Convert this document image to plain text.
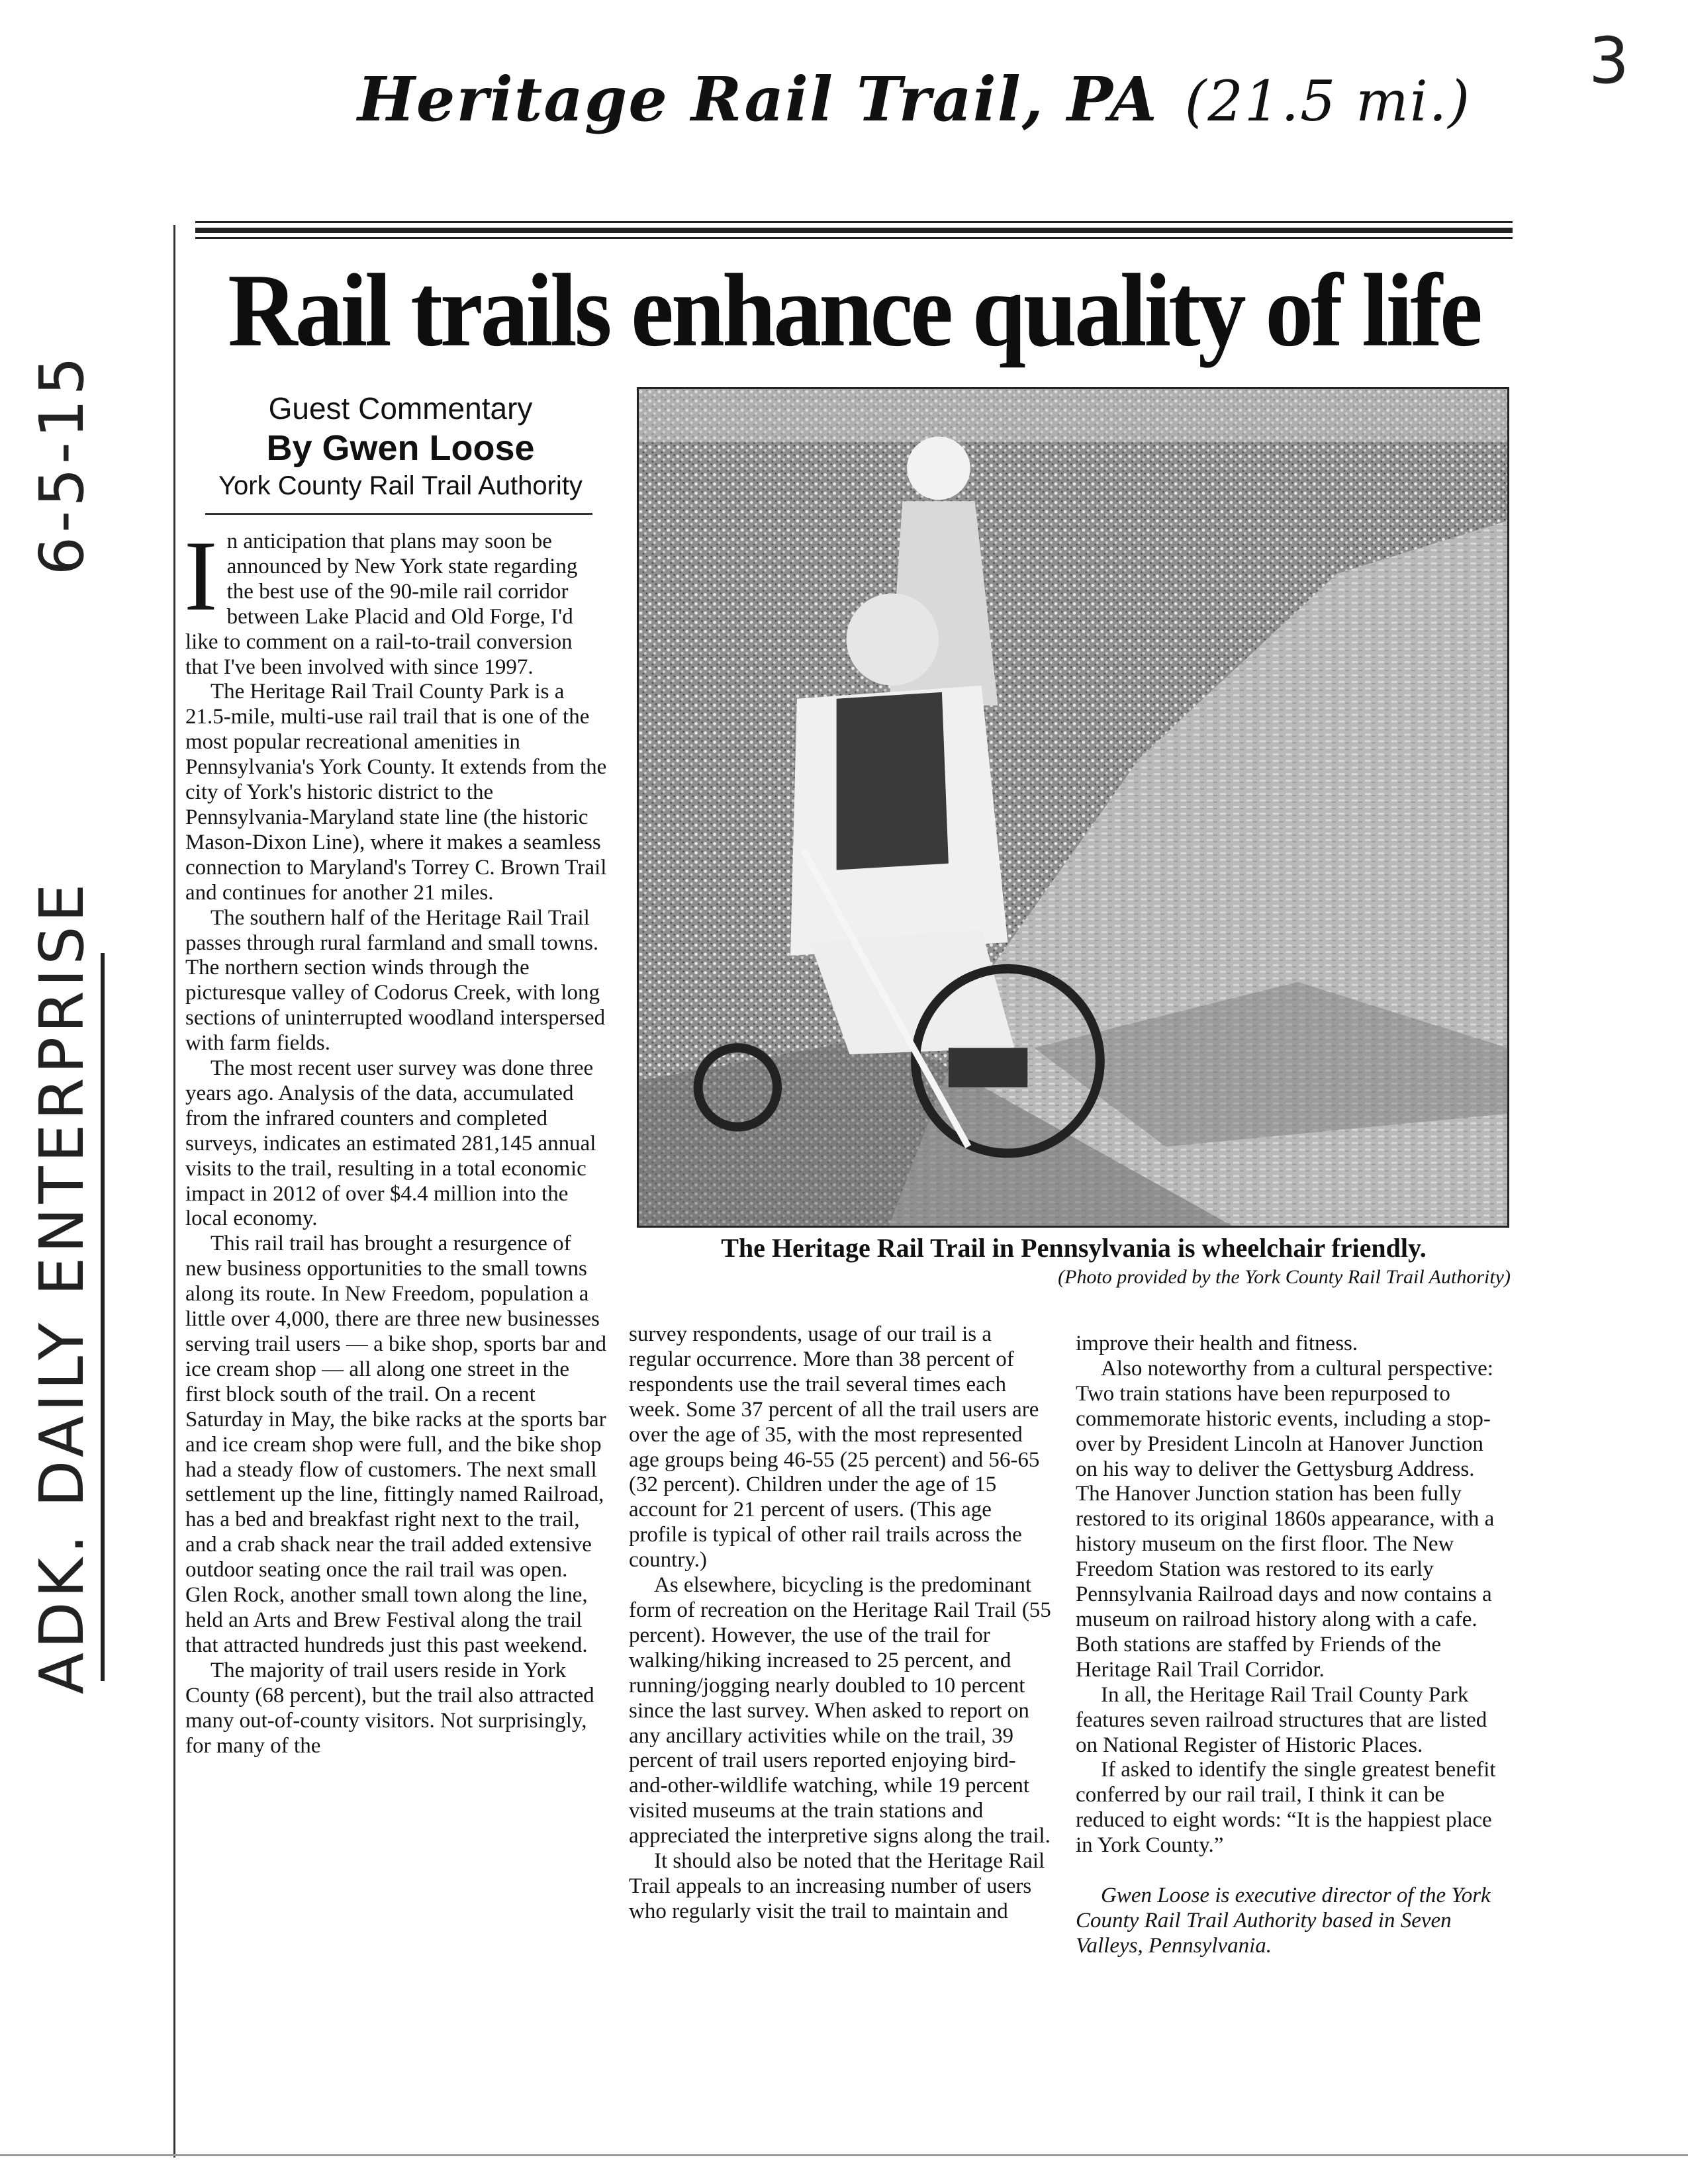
3
Heritage Rail Trail, PA (21.5 mi.)
ADK. DAILY ENTERPRISE6-5-15
Rail trails enhance quality of life
Guest Commentary
By Gwen Loose
York County Rail Trail Authority

In anticipation that plans may soon be announced by New York state regarding the best use of the 90-mile rail corridor between Lake Placid and Old Forge, I'd like to comment on a rail-to-trail conversion that I've been involved with since 1997.

The Heritage Rail Trail County Park is a 21.5-mile, multi-use rail trail that is one of the most popular recreational amenities in Pennsylvania's York County. It extends from the city of York's historic district to the Pennsylvania-Maryland state line (the historic Mason-Dixon Line), where it makes a seamless connection to Maryland's Torrey C. Brown Trail and continues for another 21 miles.

The southern half of the Heritage Rail Trail passes through rural farmland and small towns. The northern section winds through the picturesque valley of Codorus Creek, with long sections of uninterrupted woodland interspersed with farm fields.

The most recent user survey was done three years ago. Analysis of the data, accumulated from the infrared counters and completed surveys, indicates an estimated 281,145 annual visits to the trail, resulting in a total economic impact in 2012 of over $4.4 million into the local economy.

This rail trail has brought a resurgence of new business opportunities to the small towns along its route. In New Freedom, population a little over 4,000, there are three new businesses serving trail users — a bike shop, sports bar and ice cream shop — all along one street in the first block south of the trail. On a recent Saturday in May, the bike racks at the sports bar and ice cream shop were full, and the bike shop had a steady flow of customers. The next small settlement up the line, fittingly named Railroad, has a bed and breakfast right next to the trail, and a crab shack near the trail added extensive outdoor seating once the rail trail was open. Glen Rock, another small town along the line, held an Arts and Brew Festival along the trail that attracted hundreds just this past weekend.

The majority of trail users reside in York County (68 percent), but the trail also attracted many out-of-county visitors. Not surprisingly, for many of the

The Heritage Rail Trail in Pennsylvania is wheelchair friendly.
(Photo provided by the York County Rail Trail Authority)

survey respondents, usage of our trail is a regular occurrence. More than 38 percent of respondents use the trail several times each week. Some 37 percent of all the trail users are over the age of 35, with the most represented age groups being 46-55 (25 percent) and 56-65 (32 percent). Children under the age of 15 account for 21 percent of users. (This age profile is typical of other rail trails across the country.)

As elsewhere, bicycling is the predominant form of recreation on the Heritage Rail Trail (55 percent). However, the use of the trail for walking/hiking increased to 25 percent, and running/jogging nearly doubled to 10 percent since the last survey. When asked to report on any ancillary activities while on the trail, 39 percent of trail users reported enjoying bird-and-other-wildlife watching, while 19 percent visited museums at the train stations and appreciated the interpretive signs along the trail.

It should also be noted that the Heritage Rail Trail appeals to an increasing number of users who regularly visit the trail to maintain and

improve their health and fitness.

Also noteworthy from a cultural perspective: Two train stations have been repurposed to commemorate historic events, including a stop-over by President Lincoln at Hanover Junction on his way to deliver the Gettysburg Address. The Hanover Junction station has been fully restored to its original 1860s appearance, with a history museum on the first floor. The New Freedom Station was restored to its early Pennsylvania Railroad days and now contains a museum on railroad history along with a cafe. Both stations are staffed by Friends of the Heritage Rail Trail Corridor.

In all, the Heritage Rail Trail County Park features seven railroad structures that are listed on National Register of Historic Places.

If asked to identify the single greatest benefit conferred by our rail trail, I think it can be reduced to eight words: “It is the happiest place in York County.”

Gwen Loose is executive director of the York County Rail Trail Authority based in Seven Valleys, Pennsylvania.
